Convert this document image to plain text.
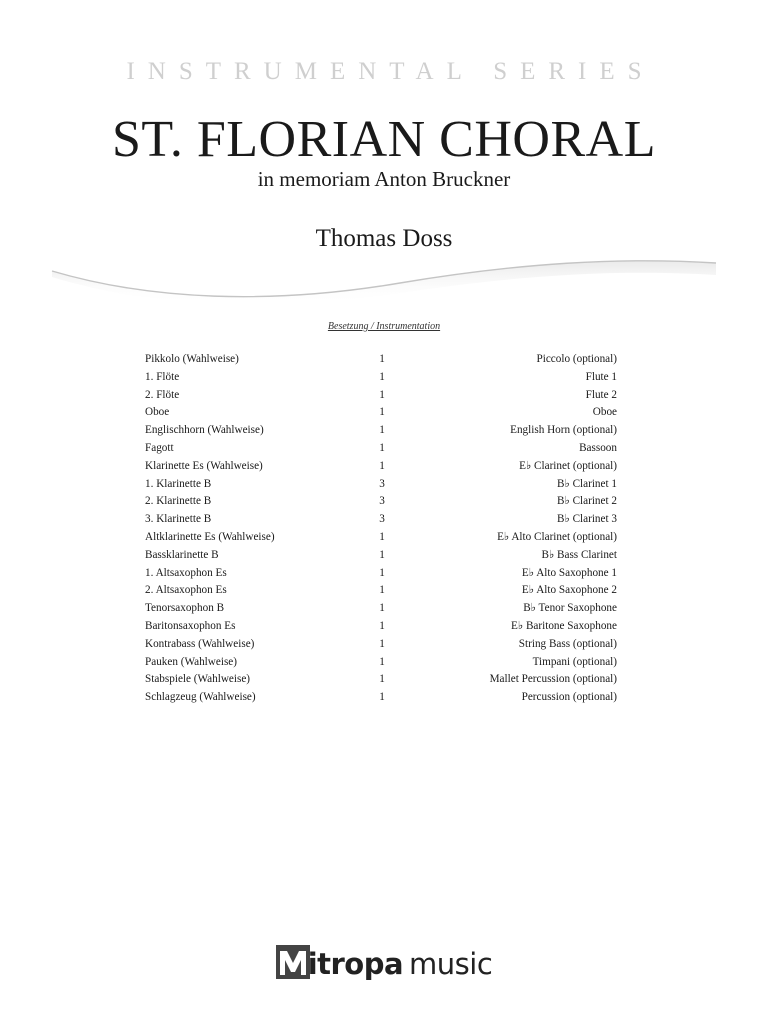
INSTRUMENTAL SERIES
ST. FLORIAN CHORAL
in memoriam Anton Bruckner
Thomas Doss
Besetzung / Instrumentation
Pikkolo (Wahlweise)	1	Piccolo (optional)
1. Flöte	1	Flute 1
2. Flöte	1	Flute 2
Oboe	1	Oboe
Englischhorn (Wahlweise)	1	English Horn (optional)
Fagott	1	Bassoon
Klarinette Es (Wahlweise)	1	E♭ Clarinet (optional)
1. Klarinette B	3	B♭ Clarinet 1
2. Klarinette B	3	B♭ Clarinet 2
3. Klarinette B	3	B♭ Clarinet 3
Altklarinette Es (Wahlweise)	1	E♭ Alto Clarinet (optional)
Bassklarinette B	1	B♭ Bass Clarinet
1. Altsaxophon Es	1	E♭ Alto Saxophone 1
2. Altsaxophon Es	1	E♭ Alto Saxophone 2
Tenorsaxophon B	1	B♭ Tenor Saxophone
Baritonsaxophon Es	1	E♭ Baritone Saxophone
Kontrabass (Wahlweise)	1	String Bass (optional)
Pauken (Wahlweise)	1	Timpani (optional)
Stabspiele (Wahlweise)	1	Mallet Percussion (optional)
Schlagzeug (Wahlweise)	1	Percussion (optional)
itropa music
